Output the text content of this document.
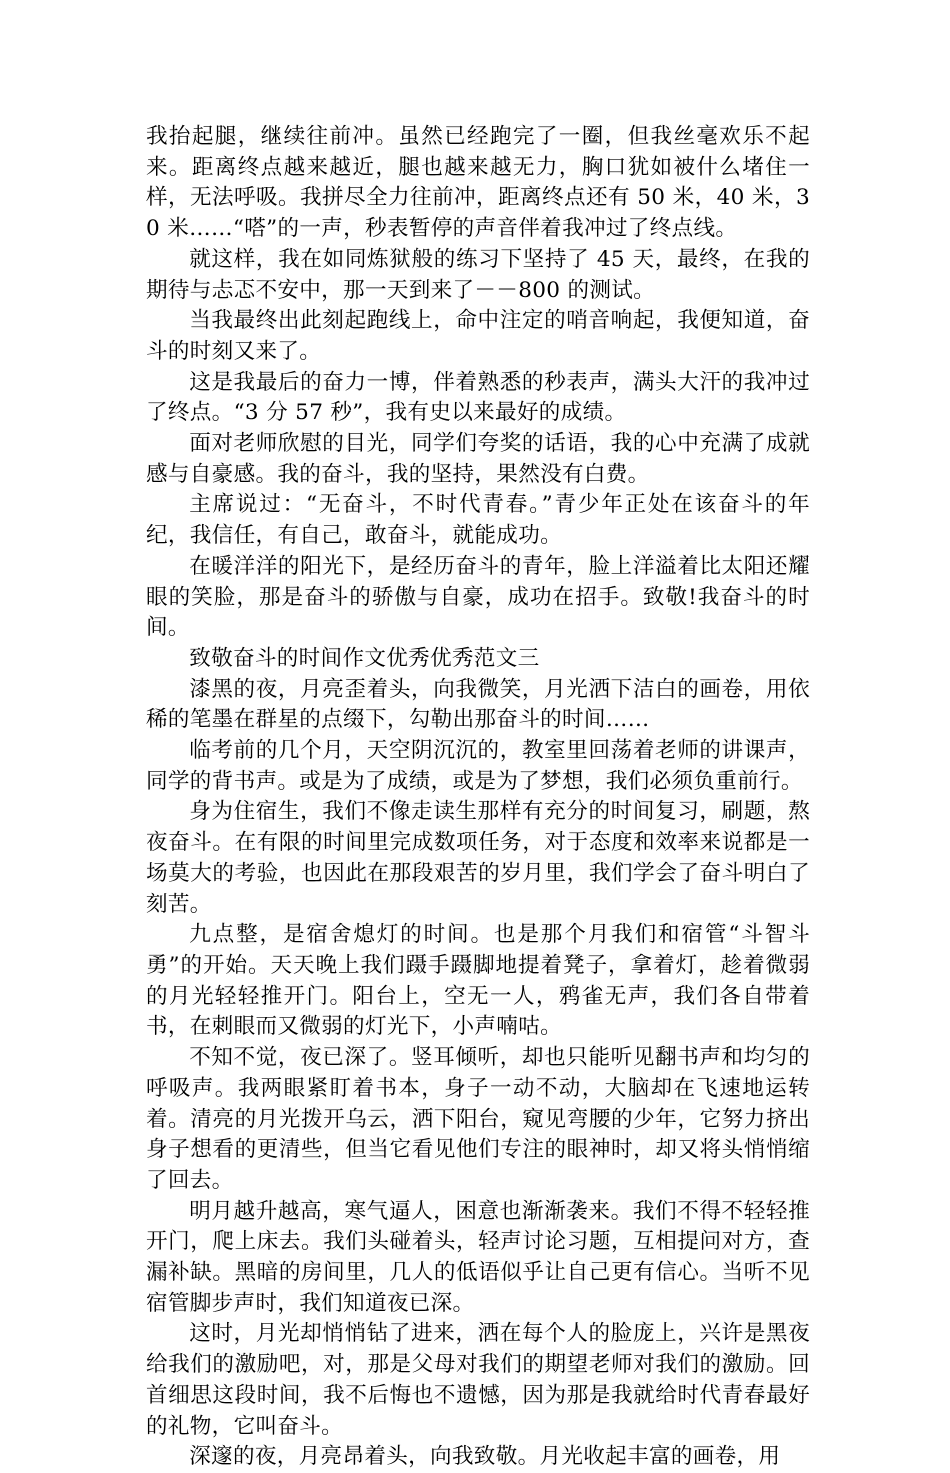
我抬起腿，继续往前冲。虽然已经跑完了一圈，但我丝毫欢乐不起来。距离终点越来越近，腿也越来越无力，胸口犹如被什么堵住一样，无法呼吸。我拼尽全力往前冲，距离终点还有 50 米，40 米，30 米……“嗒”的一声，秒表暂停的声音伴着我冲过了终点线。

就这样，我在如同炼狱般的练习下坚持了 45 天，最终，在我的期待与忐忑不安中，那一天到来了－－800 的测试。

当我最终出此刻起跑线上，命中注定的哨音响起，我便知道，奋斗的时刻又来了。

这是我最后的奋力一博，伴着熟悉的秒表声，满头大汗的我冲过了终点。“3 分 57 秒”，我有史以来最好的成绩。

面对老师欣慰的目光，同学们夸奖的话语，我的心中充满了成就感与自豪感。我的奋斗，我的坚持，果然没有白费。

主席说过：“无奋斗，不时代青春。”青少年正处在该奋斗的年纪，我信任，有自己，敢奋斗，就能成功。

在暖洋洋的阳光下，是经历奋斗的青年，脸上洋溢着比太阳还耀眼的笑脸，那是奋斗的骄傲与自豪，成功在招手。致敬!我奋斗的时间。

致敬奋斗的时间作文优秀优秀范文三

漆黑的夜，月亮歪着头，向我微笑，月光洒下洁白的画卷，用依稀的笔墨在群星的点缀下，勾勒出那奋斗的时间……

临考前的几个月，天空阴沉沉的，教室里回荡着老师的讲课声，同学的背书声。或是为了成绩，或是为了梦想，我们必须负重前行。

身为住宿生，我们不像走读生那样有充分的时间复习，刷题，熬夜奋斗。在有限的时间里完成数项任务，对于态度和效率来说都是一场莫大的考验，也因此在那段艰苦的岁月里，我们学会了奋斗明白了刻苦。

九点整，是宿舍熄灯的时间。也是那个月我们和宿管“斗智斗勇”的开始。天天晚上我们蹑手蹑脚地提着凳子，拿着灯，趁着微弱的月光轻轻推开门。阳台上，空无一人，鸦雀无声，我们各自带着书，在刺眼而又微弱的灯光下，小声喃咕。

不知不觉，夜已深了。竖耳倾听，却也只能听见翻书声和均匀的呼吸声。我两眼紧盯着书本，身子一动不动，大脑却在飞速地运转着。清亮的月光拨开乌云，洒下阳台，窥见弯腰的少年，它努力挤出身子想看的更清些，但当它看见他们专注的眼神时，却又将头悄悄缩了回去。

明月越升越高，寒气逼人，困意也渐渐袭来。我们不得不轻轻推开门，爬上床去。我们头碰着头，轻声讨论习题，互相提问对方，查漏补缺。黑暗的房间里，几人的低语似乎让自己更有信心。当听不见宿管脚步声时，我们知道夜已深。

这时，月光却悄悄钻了进来，洒在每个人的脸庞上，兴许是黑夜给我们的激励吧，对，那是父母对我们的期望老师对我们的激励。回首细思这段时间，我不后悔也不遗憾，因为那是我就给时代青春最好的礼物，它叫奋斗。

深邃的夜，月亮昂着头，向我致敬。月光收起丰富的画卷，用
